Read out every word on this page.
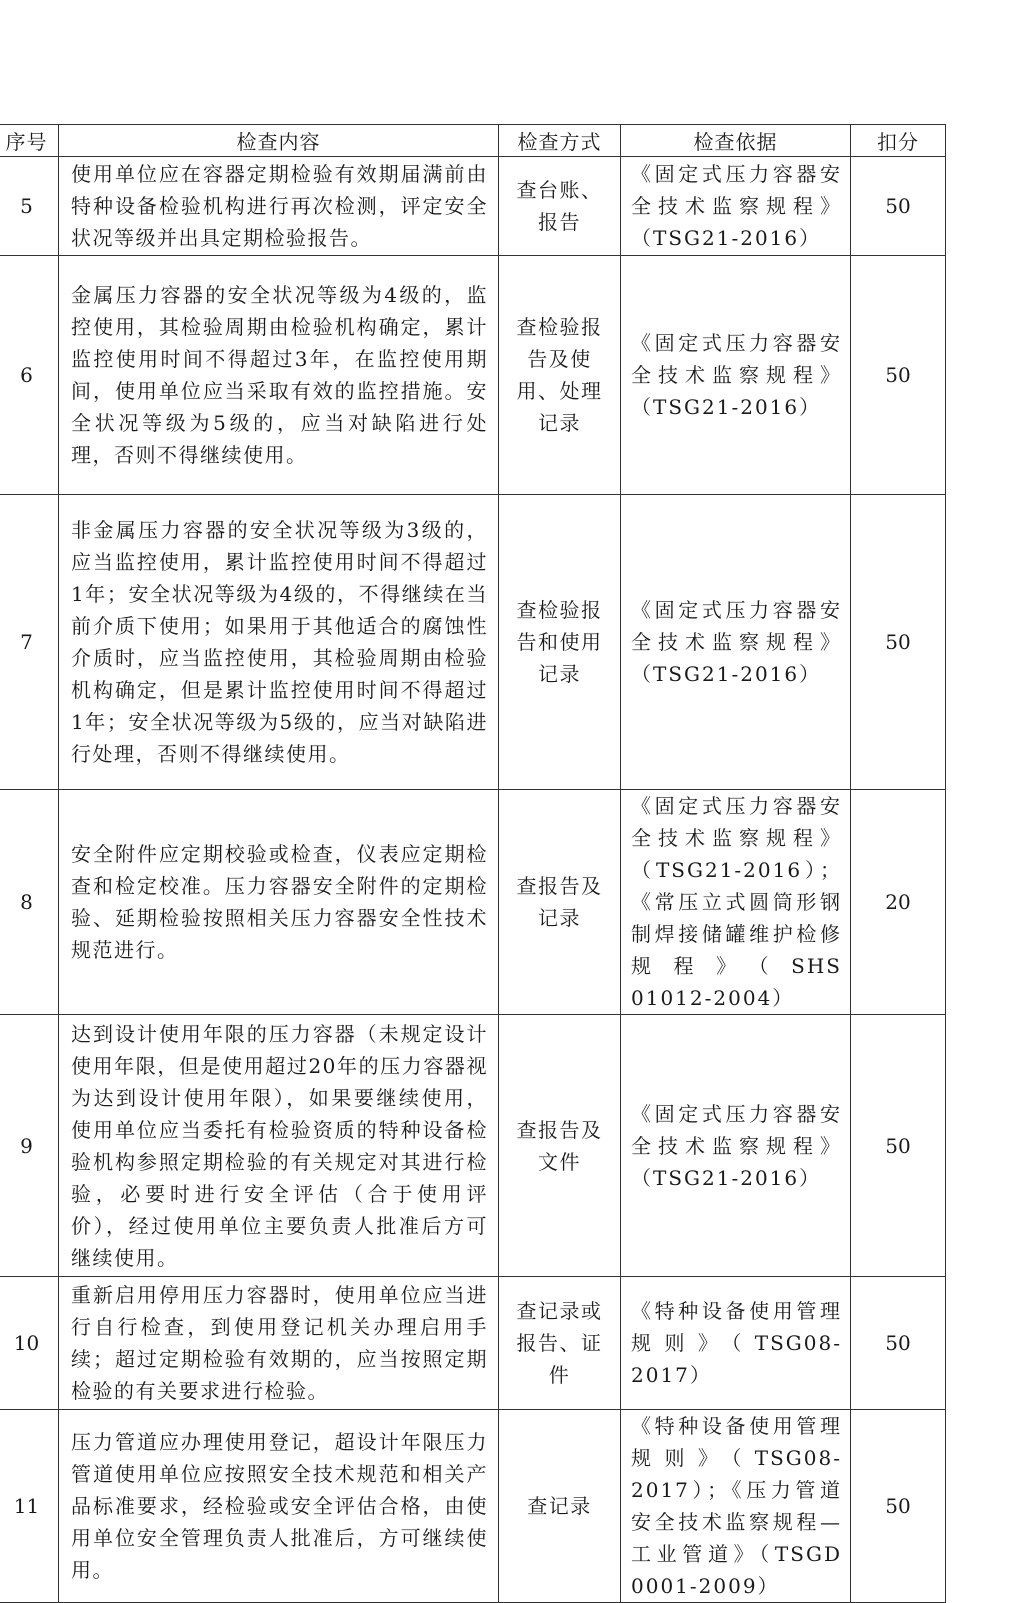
序号	检查内容	检查方式	检查依据	扣分
5	使用单位应在容器定期检验有效期届满前由特种设备检验机构进行再次检测，评定安全状况等级并出具定期检验报告。	查台账、报告	《固定式压力容器安全技术监察规程》（TSG21-2016）	50
6	金属压力容器的安全状况等级为4级的，监控使用，其检验周期由检验机构确定，累计监控使用时间不得超过3年，在监控使用期间，使用单位应当采取有效的监控措施。安全状况等级为5级的，应当对缺陷进行处理，否则不得继续使用。	查检验报告及使用、处理记录	《固定式压力容器安全技术监察规程》（TSG21-2016）	50
7	非金属压力容器的安全状况等级为3级的，应当监控使用，累计监控使用时间不得超过1年；安全状况等级为4级的，不得继续在当前介质下使用；如果用于其他适合的腐蚀性介质时，应当监控使用，其检验周期由检验机构确定，但是累计监控使用时间不得超过1年；安全状况等级为5级的，应当对缺陷进行处理，否则不得继续使用。	查检验报告和使用记录	《固定式压力容器安全技术监察规程》（TSG21-2016）	50
8	安全附件应定期校验或检查，仪表应定期检查和检定校准。压力容器安全附件的定期检验、延期检验按照相关压力容器安全性技术规范进行。	查报告及记录	《固定式压力容器安全技术监察规程》（TSG21-2016）；《常压立式圆筒形钢制焊接储罐维护检修规程》（SHS 01012-2004）	20
9	达到设计使用年限的压力容器（未规定设计使用年限，但是使用超过20年的压力容器视为达到设计使用年限），如果要继续使用，使用单位应当委托有检验资质的特种设备检验机构参照定期检验的有关规定对其进行检验，必要时进行安全评估（合于使用评价），经过使用单位主要负责人批准后方可继续使用。	查报告及文件	《固定式压力容器安全技术监察规程》（TSG21-2016）	50
10	重新启用停用压力容器时，使用单位应当进行自行检查，到使用登记机关办理启用手续；超过定期检验有效期的，应当按照定期检验的有关要求进行检验。	查记录或报告、证件	《特种设备使用管理规则》（TSG08-2017）	50
11	压力管道应办理使用登记，超设计年限压力管道使用单位应按照安全技术规范和相关产品标准要求，经检验或安全评估合格，由使用单位安全管理负责人批准后，方可继续使用。	查记录	《特种设备使用管理规则》（TSG08-2017）；《压力管道安全技术监察规程—工业管道》（TSGD 0001-2009）	50
